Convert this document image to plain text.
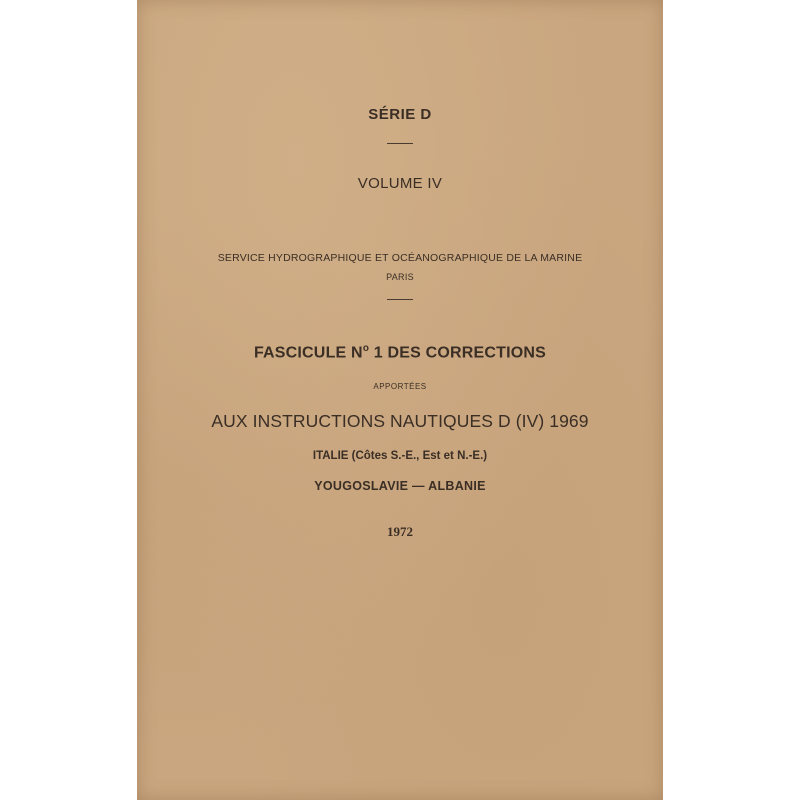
SÉRIE D
VOLUME IV
SERVICE HYDROGRAPHIQUE ET OCÉANOGRAPHIQUE DE LA MARINE
PARIS
FASCICULE $N^o$ 1 DES CORRECTIONS
APPORTÉES
AUX INSTRUCTIONS NAUTIQUES D (IV) 1969
ITALIE (Côtes S.-E., Est et N.-E.)
YOUGOSLAVIE — ALBANIE
1972
